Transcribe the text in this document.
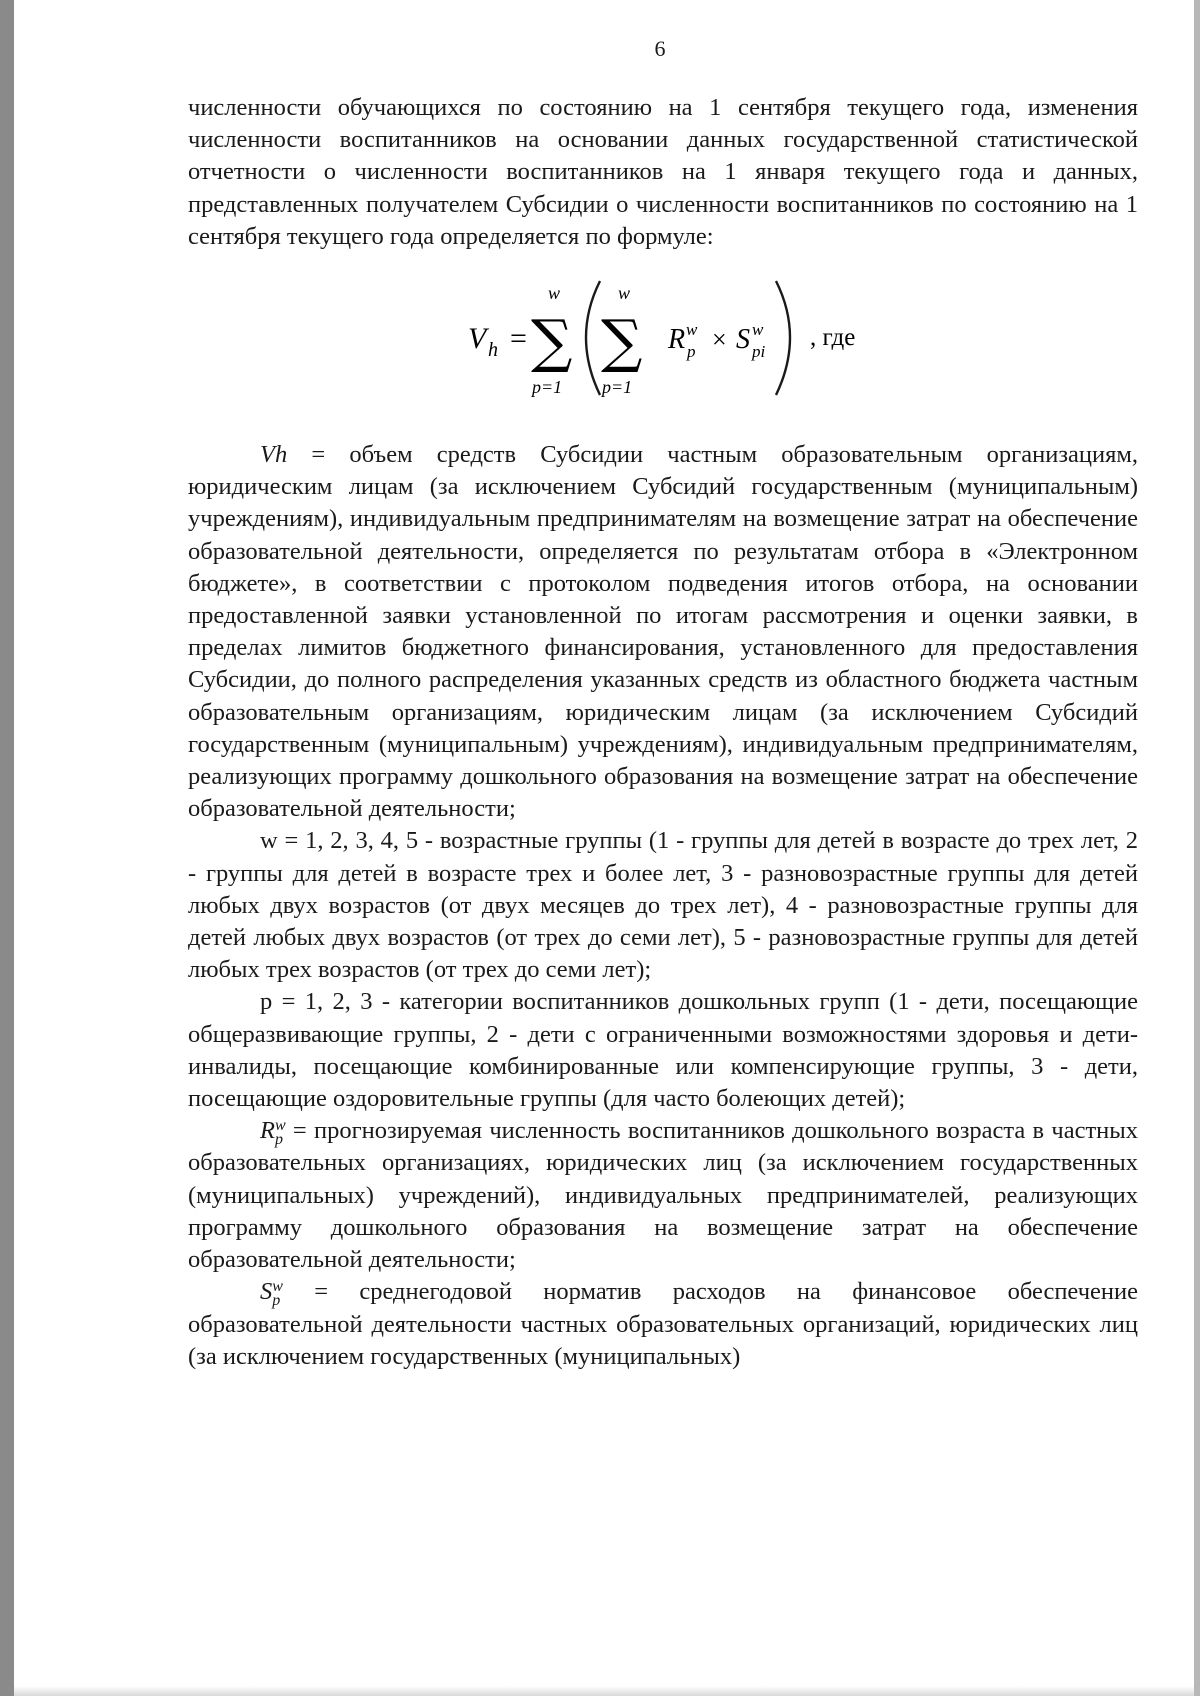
6

численности обучающихся по состоянию на 1 сентября текущего года, изменения численности воспитанников на основании данных государственной статистической отчетности о численности воспитанников на 1 января текущего года и данных, представленных получателем Субсидии о численности воспитанников по состоянию на 1 сентября текущего года определяется по формуле:

V h =
w
∑
p=1
w
∑
p=1
R w
p × S w
pi
, где

Vh = объем средств Субсидии частным образовательным организациям, юридическим лицам (за исключением Субсидий государственным (муниципальным) учреждениям), индивидуальным предпринимателям на возмещение затрат на обеспечение образовательной деятельности, определяется по результатам отбора в «Электронном бюджете», в соответствии с протоколом подведения итогов отбора, на основании предоставленной заявки установленной по итогам рассмотрения и оценки заявки, в пределах лимитов бюджетного финансирования, установленного для предоставления Субсидии, до полного распределения указанных средств из областного бюджета частным образовательным организациям, юридическим лицам (за исключением Субсидий государственным (муниципальным) учреждениям), индивидуальным предпринимателям, реализующих программу дошкольного образования на возмещение затрат на обеспечение образовательной деятельности;

w = 1, 2, 3, 4, 5 - возрастные группы (1 - группы для детей в возрасте до трех лет, 2 - группы для детей в возрасте трех и более лет, 3 - разновозрастные группы для детей любых двух возрастов (от двух месяцев до трех лет), 4 - разновозрастные группы для детей любых двух возрастов (от трех до семи лет), 5 - разновозрастные группы для детей любых трех возрастов (от трех до семи лет);

p = 1, 2, 3 - категории воспитанников дошкольных групп (1 - дети, посещающие общеразвивающие группы, 2 - дети с ограниченными возможностями здоровья и дети-инвалиды, посещающие комбинированные или компенсирующие группы, 3 - дети, посещающие оздоровительные группы (для часто болеющих детей);

R w
p = прогнозируемая численность воспитанников дошкольного возраста в частных образовательных организациях, юридических лиц (за исключением государственных (муниципальных) учреждений), индивидуальных предпринимателей, реализующих программу дошкольного образования на возмещение затрат на обеспечение образовательной деятельности;

S w
p = среднегодовой норматив расходов на финансовое обеспечение образовательной деятельности частных образовательных организаций, юридических лиц (за исключением государственных (муниципальных)
